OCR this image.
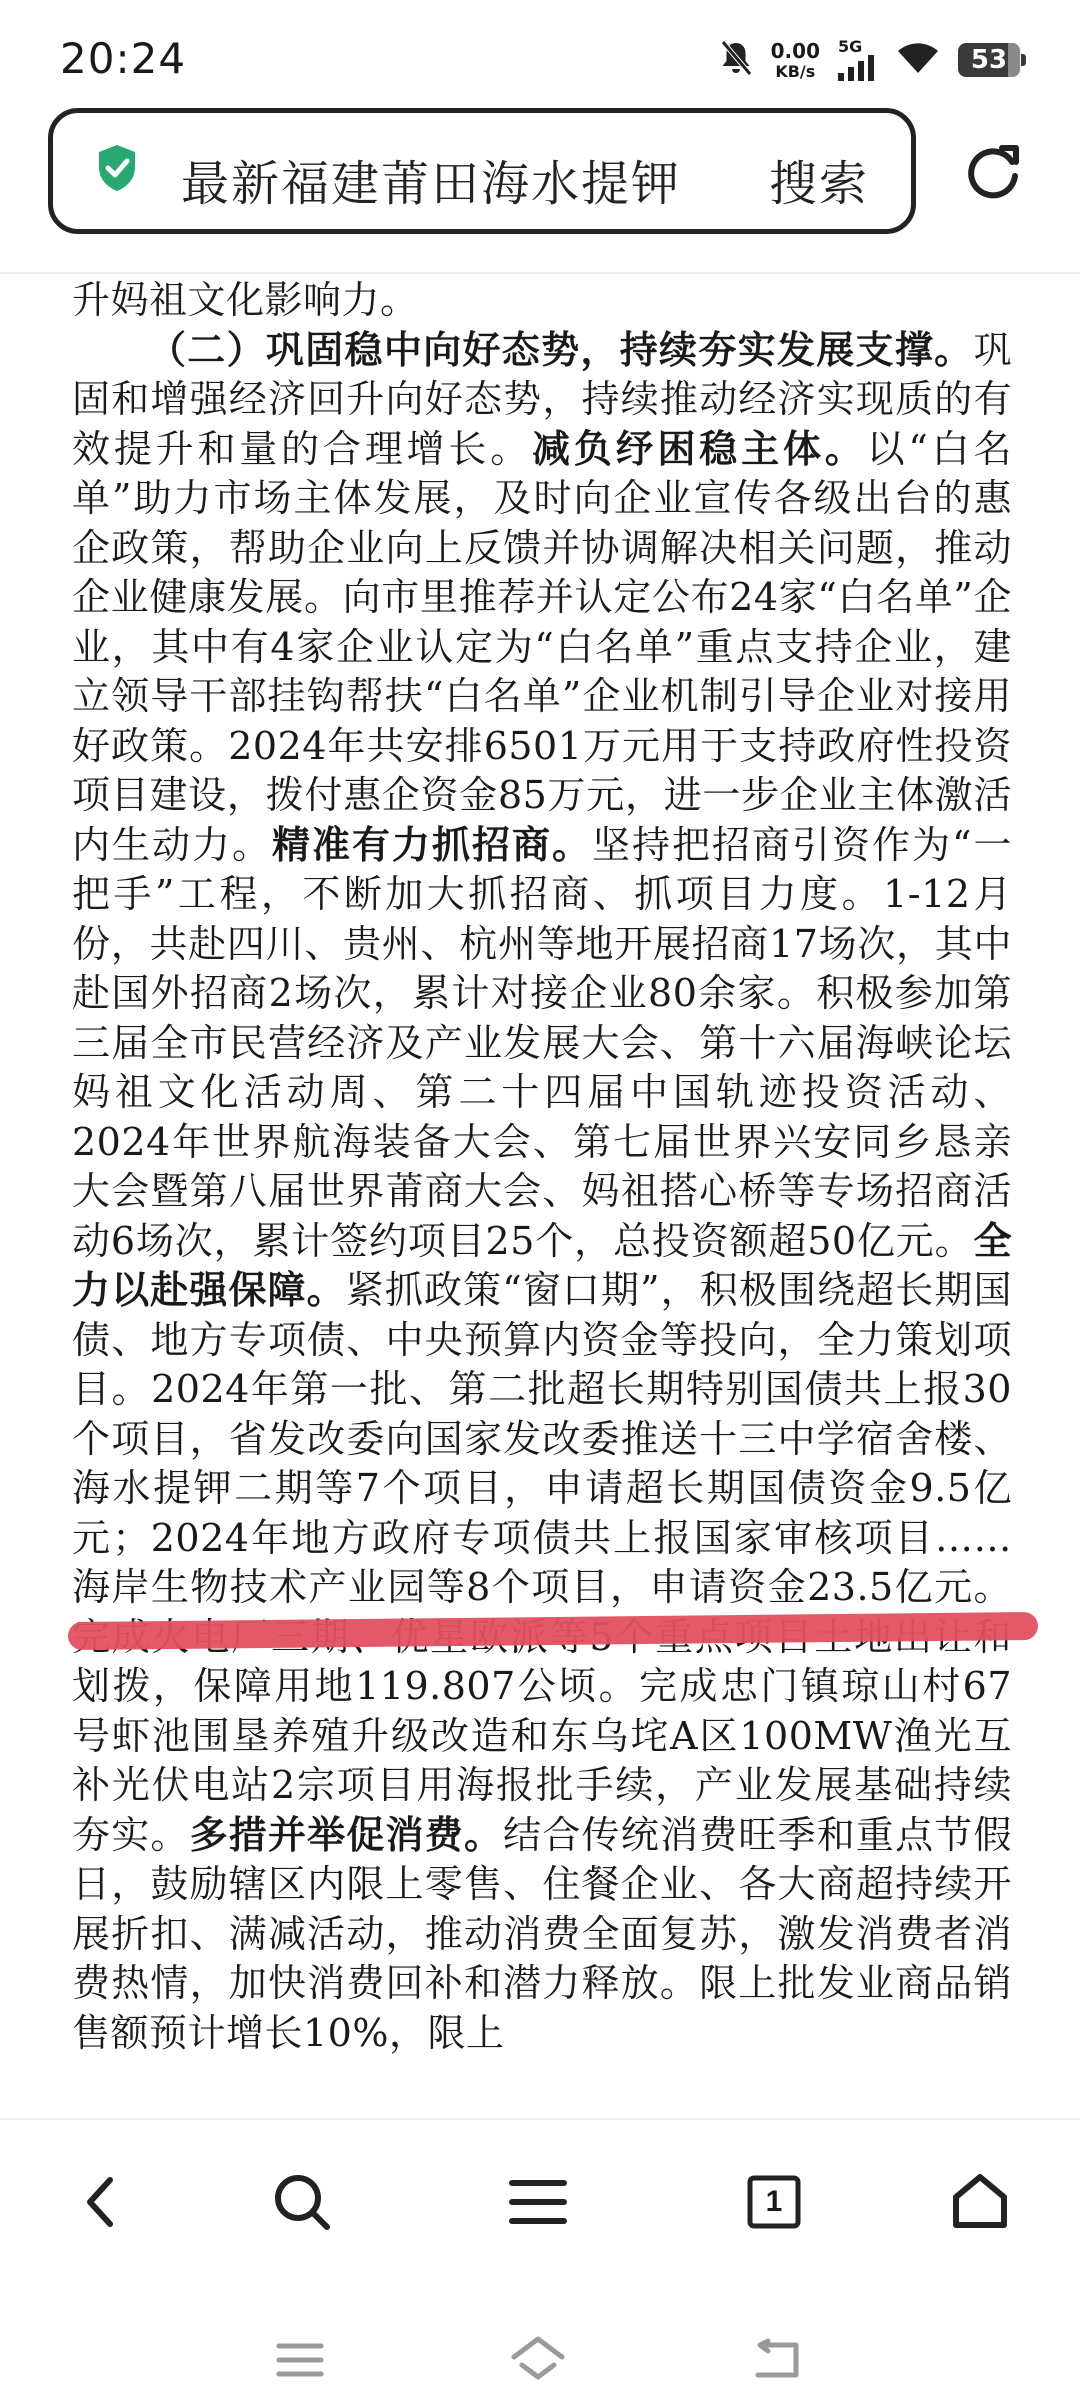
20:24	0.00
KB/s
5G	53
最新福建莆田海水提钾 搜索

升妈祖文化影响力。

（二）巩固稳中向好态势，持续夯实发展支撑。巩固和增强经济回升向好态势，持续推动经济实现质的有效提升和量的合理增长。减负纾困稳主体。以“白名单”助力市场主体发展，及时向企业宣传各级出台的惠企政策，帮助企业向上反馈并协调解决相关问题，推动企业健康发展。向市里推荐并认定公布24家“白名单”企业，其中有4家企业认定为“白名单”重点支持企业，建立领导干部挂钩帮扶“白名单”企业机制引导企业对接用好政策。2024年共安排6501万元用于支持政府性投资项目建设，拨付惠企资金85万元，进一步企业主体激活内生动力。精准有力抓招商。坚持把招商引资作为“一把手”工程，不断加大抓招商、抓项目力度。1-12月份，共赴四川、贵州、杭州等地开展招商17场次，其中赴国外招商2场次，累计对接企业80余家。积极参加第三届全市民营经济及产业发展大会、第十六届海峡论坛妈祖文化活动周、第二十四届中国轨迹投资活动、2024年世界航海装备大会、第七届世界兴安同乡恳亲大会暨第八届世界莆商大会、妈祖搭心桥等专场招商活动6场次，累计签约项目25个，总投资额超50亿元。全力以赴强保障。紧抓政策“窗口期”，积极围绕超长期国债、地方专项债、中央预算内资金等投向，全力策划项目。2024年第一批、第二批超长期特别国债共上报30个项目，省发改委向国家发改委推送十三中学宿舍楼、海水提钾二期等7个项目，申请超长期国债资金9.5亿元；2024年地方政府专项债共上报国家审核项目……海岸生物技术产业园等8个项目，申请资金23.5亿元。 划拨，保障用地119.807公顷。完成忠门镇琼山村67号虾池围垦养殖升级改造和东乌垞A区100MW渔光互补光伏电站2宗项目用海报批手续，产业发展基础持续夯实。多措并举促消费。结合传统消费旺季和重点节假日，鼓励辖区内限上零售、住餐企业、各大商超持续开展折扣、满减活动，推动消费全面复苏，激发消费者消费热情，加快消费回补和潜力释放。限上批发业商品销售额预计增长10%，限上

1
